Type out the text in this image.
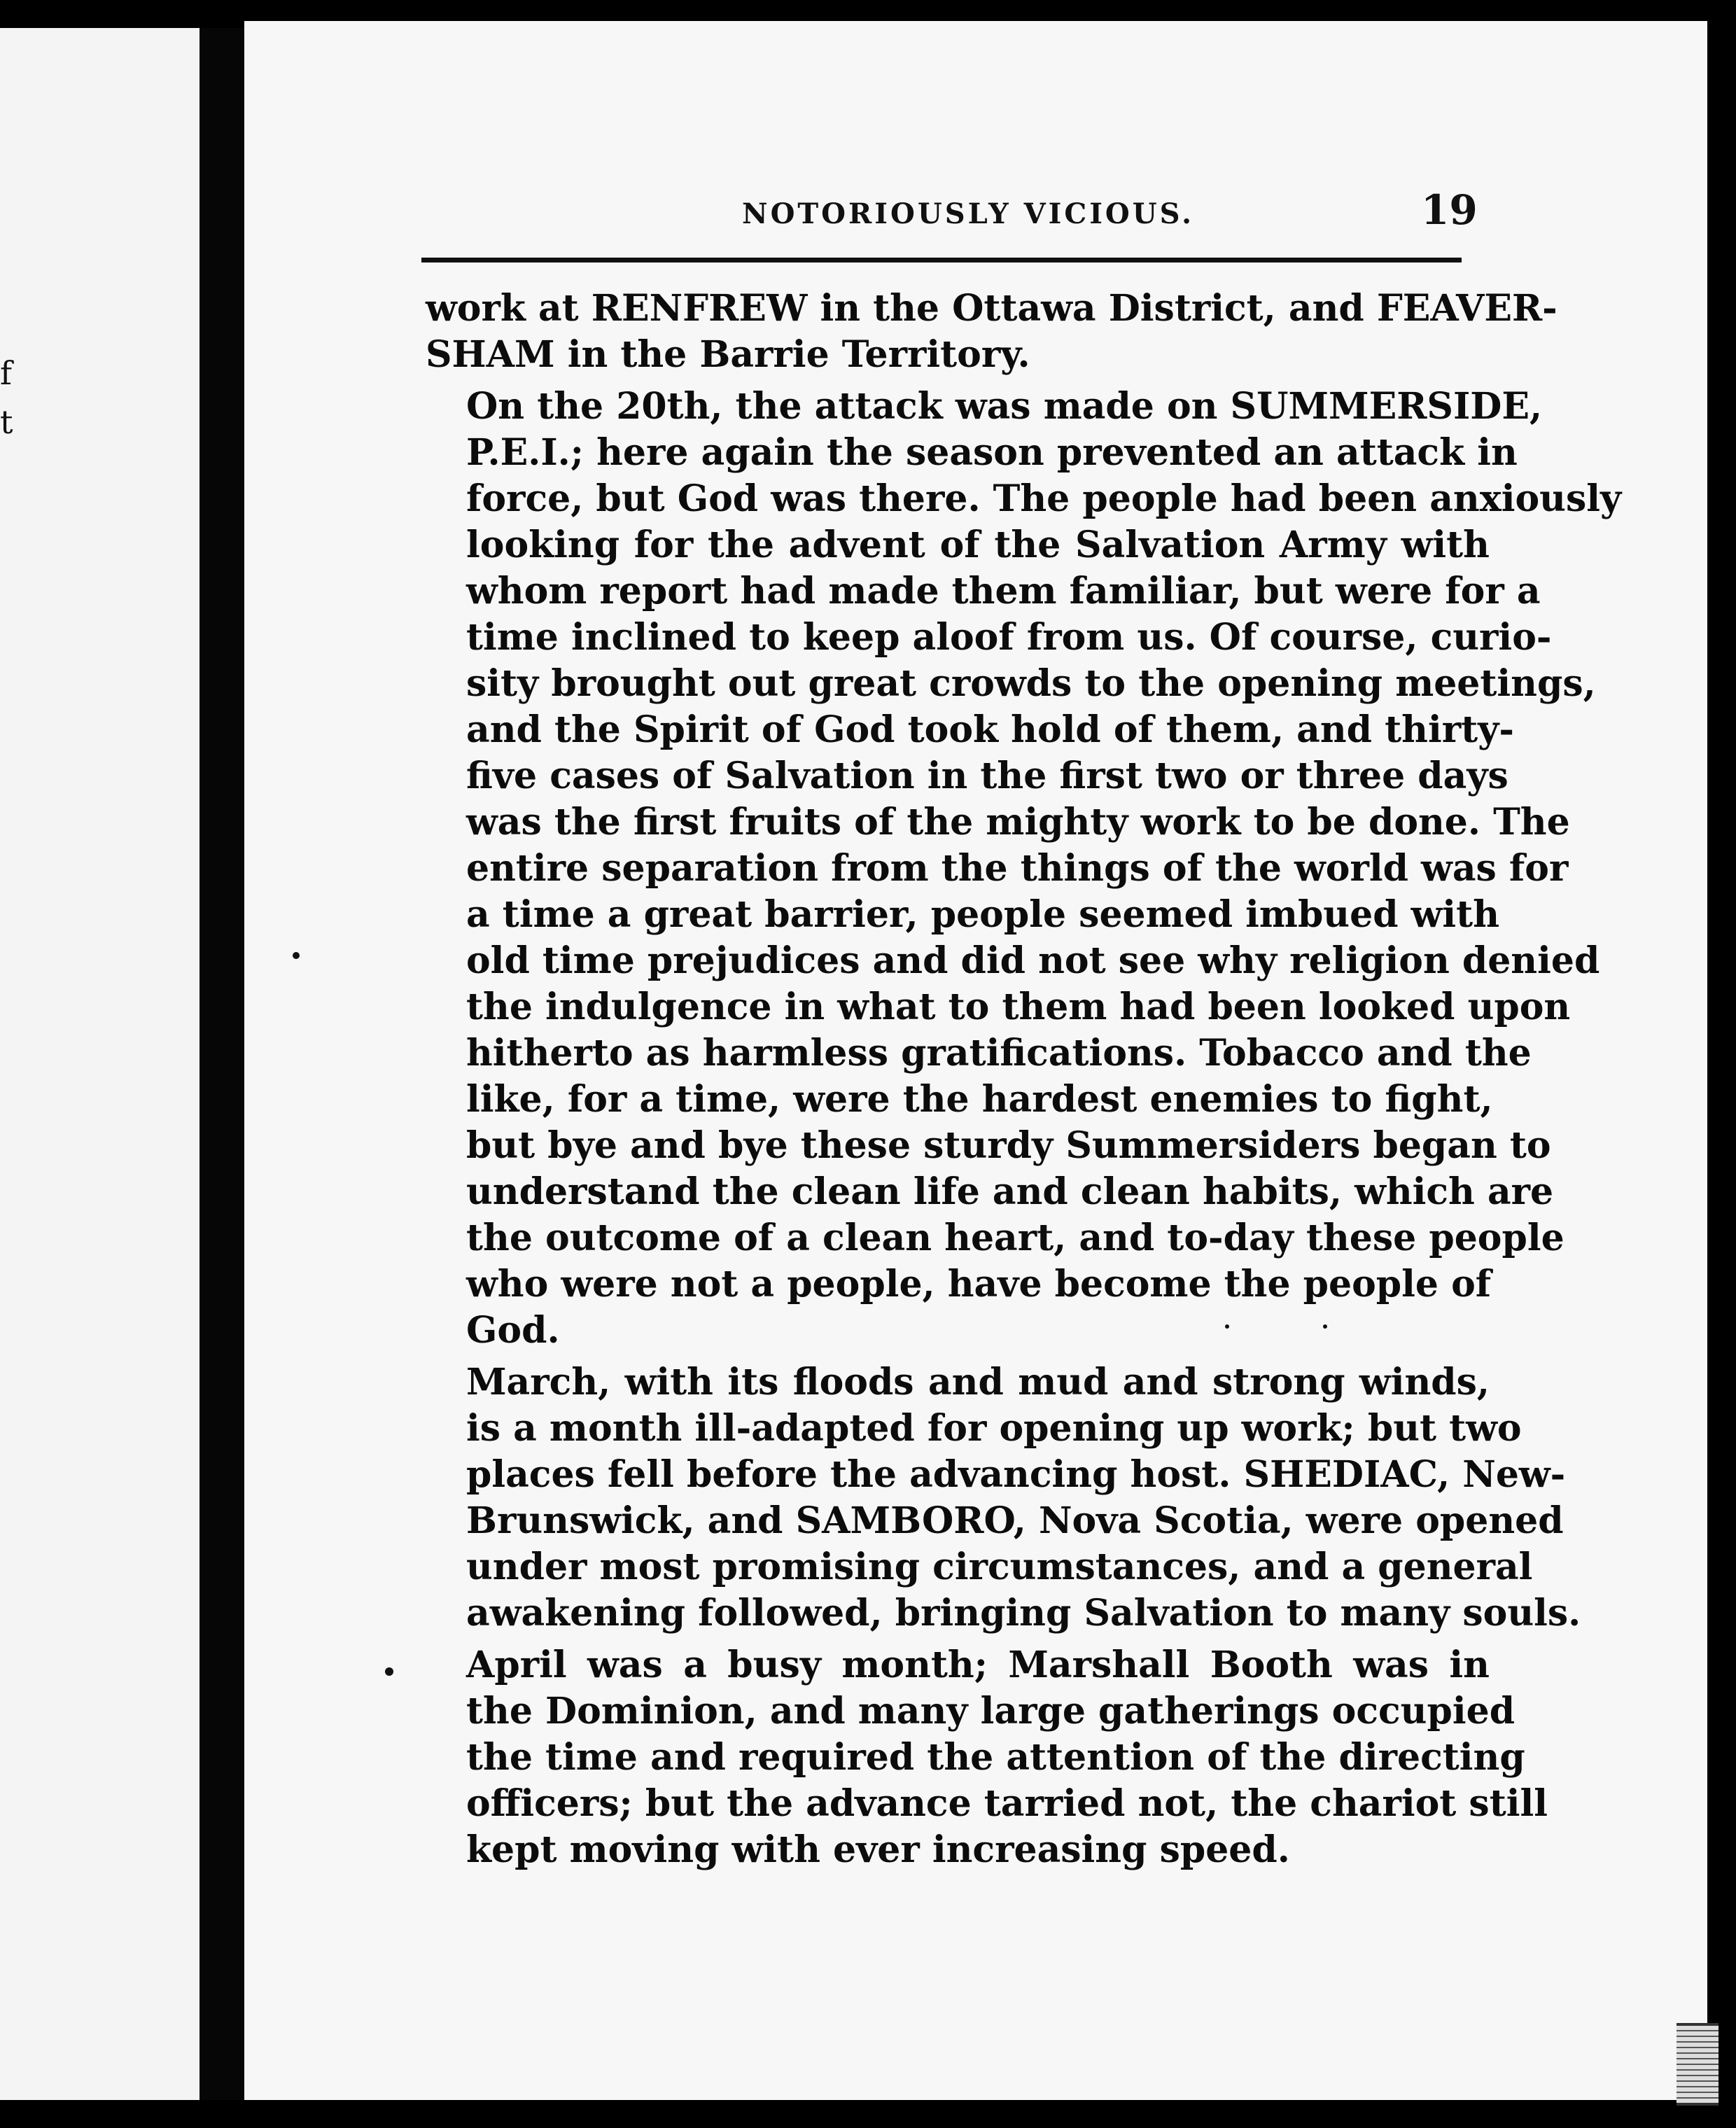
f
t
NOTORIOUSLY VICIOUS.	19

work at RENFREW in the Ottawa District, and FEAVER-
SHAM in the Barrie Territory.

On the 20th, the attack was made on SUMMERSIDE,
P.E.I.; here again the season prevented an attack in
force, but God was there. The people had been anxiously
looking for the advent of the Salvation Army with
whom report had made them familiar, but were for a
time inclined to keep aloof from us. Of course, curio-
sity brought out great crowds to the opening meetings,
and the Spirit of God took hold of them, and thirty-
five cases of Salvation in the first two or three days
was the first fruits of the mighty work to be done. The
entire separation from the things of the world was for
a time a great barrier, people seemed imbued with
old time prejudices and did not see why religion denied
the indulgence in what to them had been looked upon
hitherto as harmless gratifications. Tobacco and the
like, for a time, were the hardest enemies to fight,
but bye and bye these sturdy Summersiders began to
understand the clean life and clean habits, which are
the outcome of a clean heart, and to-day these people
who were not a people, have become the people of
God.

March, with its floods and mud and strong winds,
is a month ill-adapted for opening up work; but two
places fell before the advancing host. SHEDIAC, New-
Brunswick, and SAMBORO, Nova Scotia, were opened
under most promising circumstances, and a general
awakening followed, bringing Salvation to many souls.

April was a busy month; Marshall Booth was in
the Dominion, and many large gatherings occupied
the time and required the attention of the directing
officers; but the advance tarried not, the chariot still
kept moving with ever increasing speed.
